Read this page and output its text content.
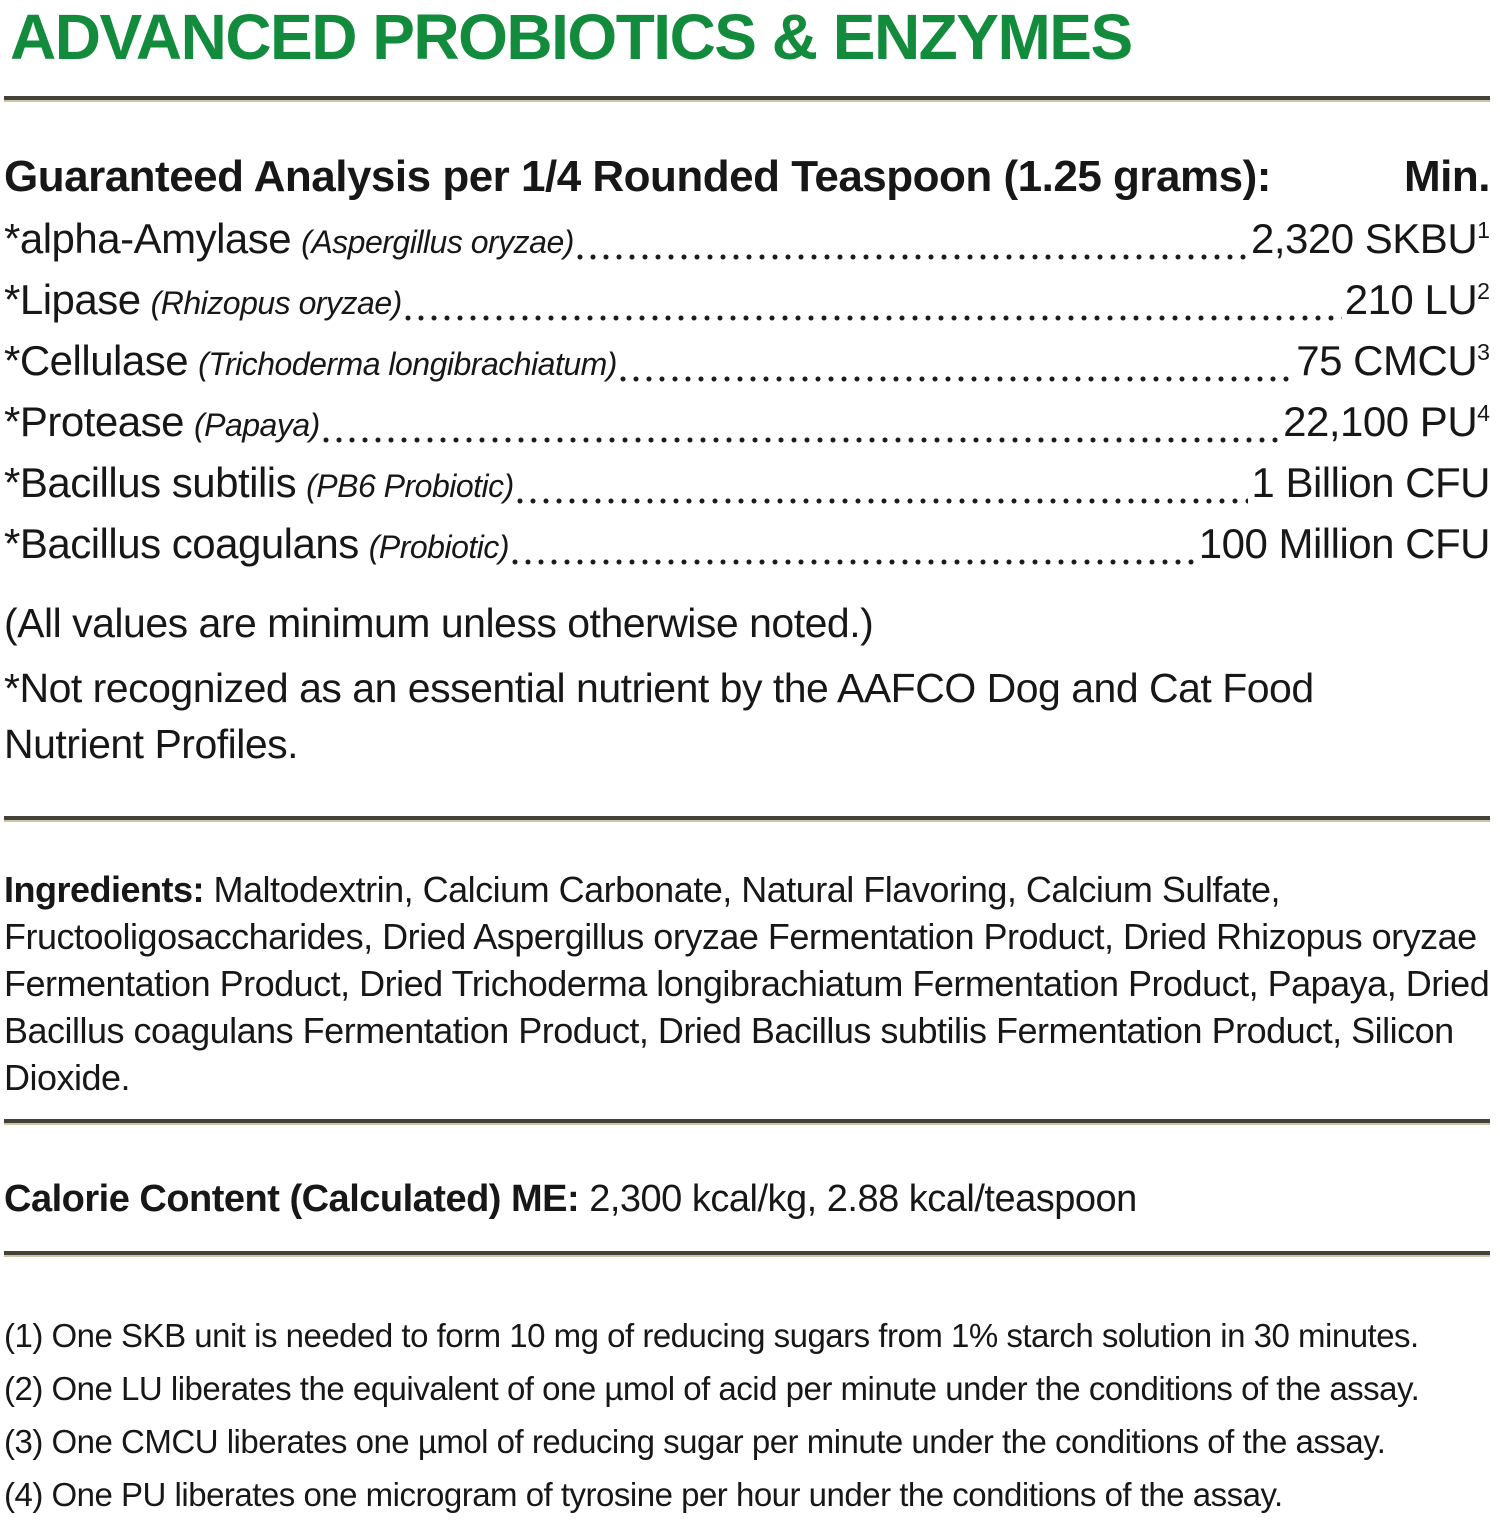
ADVANCED PROBIOTICS & ENZYMES
Guaranteed Analysis per 1/4 Rounded Teaspoon (1.25 grams):	Min.
*alpha-Amylase (Aspergillus oryzae)	2,320 SKBU$^1$
*Lipase (Rhizopus oryzae)	210 $LU^2$
*Cellulase (Trichoderma longibrachiatum)	75 CMCU$^3$
*Protease (Papaya)	22,100 $PU^4$
*Bacillus subtilis (PB6 Probiotic)	1 Billion CFU
*Bacillus coagulans (Probiotic)	100 Million CFU
(All values are minimum unless otherwise noted.)
*Not recognized as an essential nutrient by the AAFCO Dog and Cat Food Nutrient Profiles.
Ingredients: Maltodextrin, Calcium Carbonate, Natural Flavoring, Calcium Sulfate, Fructooligosaccharides, Dried Aspergillus oryzae Fermentation Product, Dried Rhizopus oryzae Fermentation Product, Dried Trichoderma longibrachiatum Fermentation Product, Papaya, Dried Bacillus coagulans Fermentation Product, Dried Bacillus subtilis Fermentation Product, Silicon Dioxide.
Calorie Content (Calculated) ME: 2,300 kcal/kg, 2.88 kcal/teaspoon
(1) One SKB unit is needed to form 10 mg of reducing sugars from 1% starch solution in 30 minutes.
(2) One LU liberates the equivalent of one µmol of acid per minute under the conditions of the assay.
(3) One CMCU liberates one µmol of reducing sugar per minute under the conditions of the assay.
(4) One PU liberates one microgram of tyrosine per hour under the conditions of the assay.
